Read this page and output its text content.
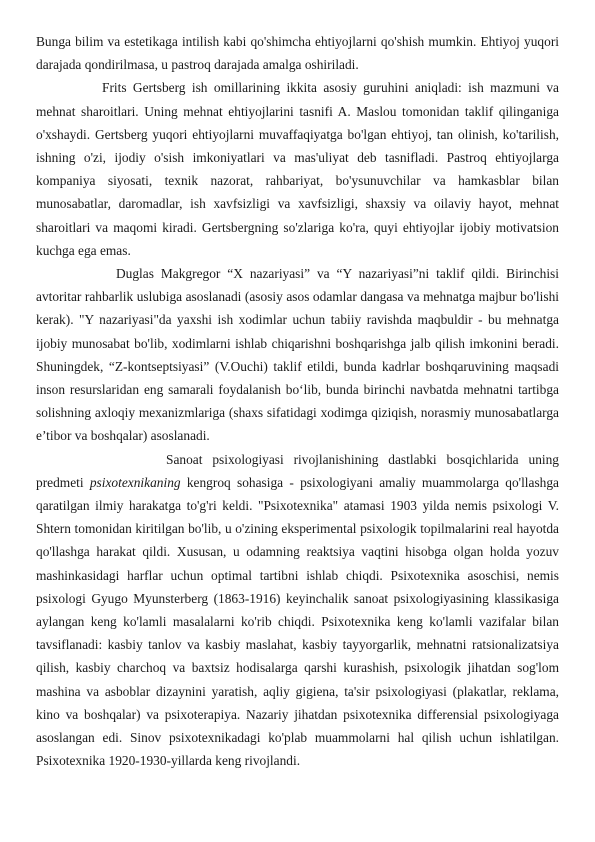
Bunga bilim va estetikaga intilish kabi qo'shimcha ehtiyojlarni qo'shish mumkin. Ehtiyoj yuqori darajada qondirilmasa, u pastroq darajada amalga oshiriladi.

Frits Gertsberg ish omillarining ikkita asosiy guruhini aniqladi: ish mazmuni va mehnat sharoitlari. Uning mehnat ehtiyojlarini tasnifi A. Maslou tomonidan taklif qilinganiga o'xshaydi. Gertsberg yuqori ehtiyojlarni muvaffaqiyatga bo'lgan ehtiyoj, tan olinish, ko'tarilish, ishning o'zi, ijodiy o'sish imkoniyatlari va mas'uliyat deb tasnifladi. Pastroq ehtiyojlarga kompaniya siyosati, texnik nazorat, rahbariyat, bo'ysunuvchilar va hamkasblar bilan munosabatlar, daromadlar, ish xavfsizligi va xavfsizligi, shaxsiy va oilaviy hayot, mehnat sharoitlari va maqomi kiradi. Gertsbergning so'zlariga ko'ra, quyi ehtiyojlar ijobiy motivatsion kuchga ega emas.

Duglas Makgregor “X nazariyasi” va “Y nazariyasi”ni taklif qildi. Birinchisi avtoritar rahbarlik uslubiga asoslanadi (asosiy asos odamlar dangasa va mehnatga majbur bo'lishi kerak). "Y nazariyasi"da yaxshi ish xodimlar uchun tabiiy ravishda maqbuldir - bu mehnatga ijobiy munosabat bo'lib, xodimlarni ishlab chiqarishni boshqarishga jalb qilish imkonini beradi. Shuningdek, “Z-kontseptsiyasi” (V.Ouchi) taklif etildi, bunda kadrlar boshqaruvining maqsadi inson resurslaridan eng samarali foydalanish bo‘lib, bunda birinchi navbatda mehnatni tartibga solishning axloqiy mexanizmlariga (shaxs sifatidagi xodimga qiziqish, norasmiy munosabatlarga e’tibor va boshqalar) asoslanadi.

Sanoat psixologiyasi rivojlanishining dastlabki bosqichlarida uning predmeti psixotexnikaning kengroq sohasiga - psixologiyani amaliy muammolarga qo'llashga qaratilgan ilmiy harakatga to'g'ri keldi. "Psixotexnika" atamasi 1903 yilda nemis psixologi V. Shtern tomonidan kiritilgan bo'lib, u o'zining eksperimental psixologik topilmalarini real hayotda qo'llashga harakat qildi. Xususan, u odamning reaktsiya vaqtini hisobga olgan holda yozuv mashinkasidagi harflar uchun optimal tartibni ishlab chiqdi. Psixotexnika asoschisi, nemis psixologi Gyugo Myunsterberg (1863-1916) keyinchalik sanoat psixologiyasining klassikasiga aylangan keng ko'lamli masalalarni ko'rib chiqdi. Psixotexnika keng ko'lamli vazifalar bilan tavsiflanadi: kasbiy tanlov va kasbiy maslahat, kasbiy tayyorgarlik, mehnatni ratsionalizatsiya qilish, kasbiy charchoq va baxtsiz hodisalarga qarshi kurashish, psixologik jihatdan sog'lom mashina va asboblar dizaynini yaratish, aqliy gigiena, ta'sir psixologiyasi (plakatlar, reklama, kino va boshqalar) va psixoterapiya. Nazariy jihatdan psixotexnika differensial psixologiyaga asoslangan edi. Sinov psixotexnikadagi ko'plab muammolarni hal qilish uchun ishlatilgan. Psixotexnika 1920-1930-yillarda keng rivojlandi.
